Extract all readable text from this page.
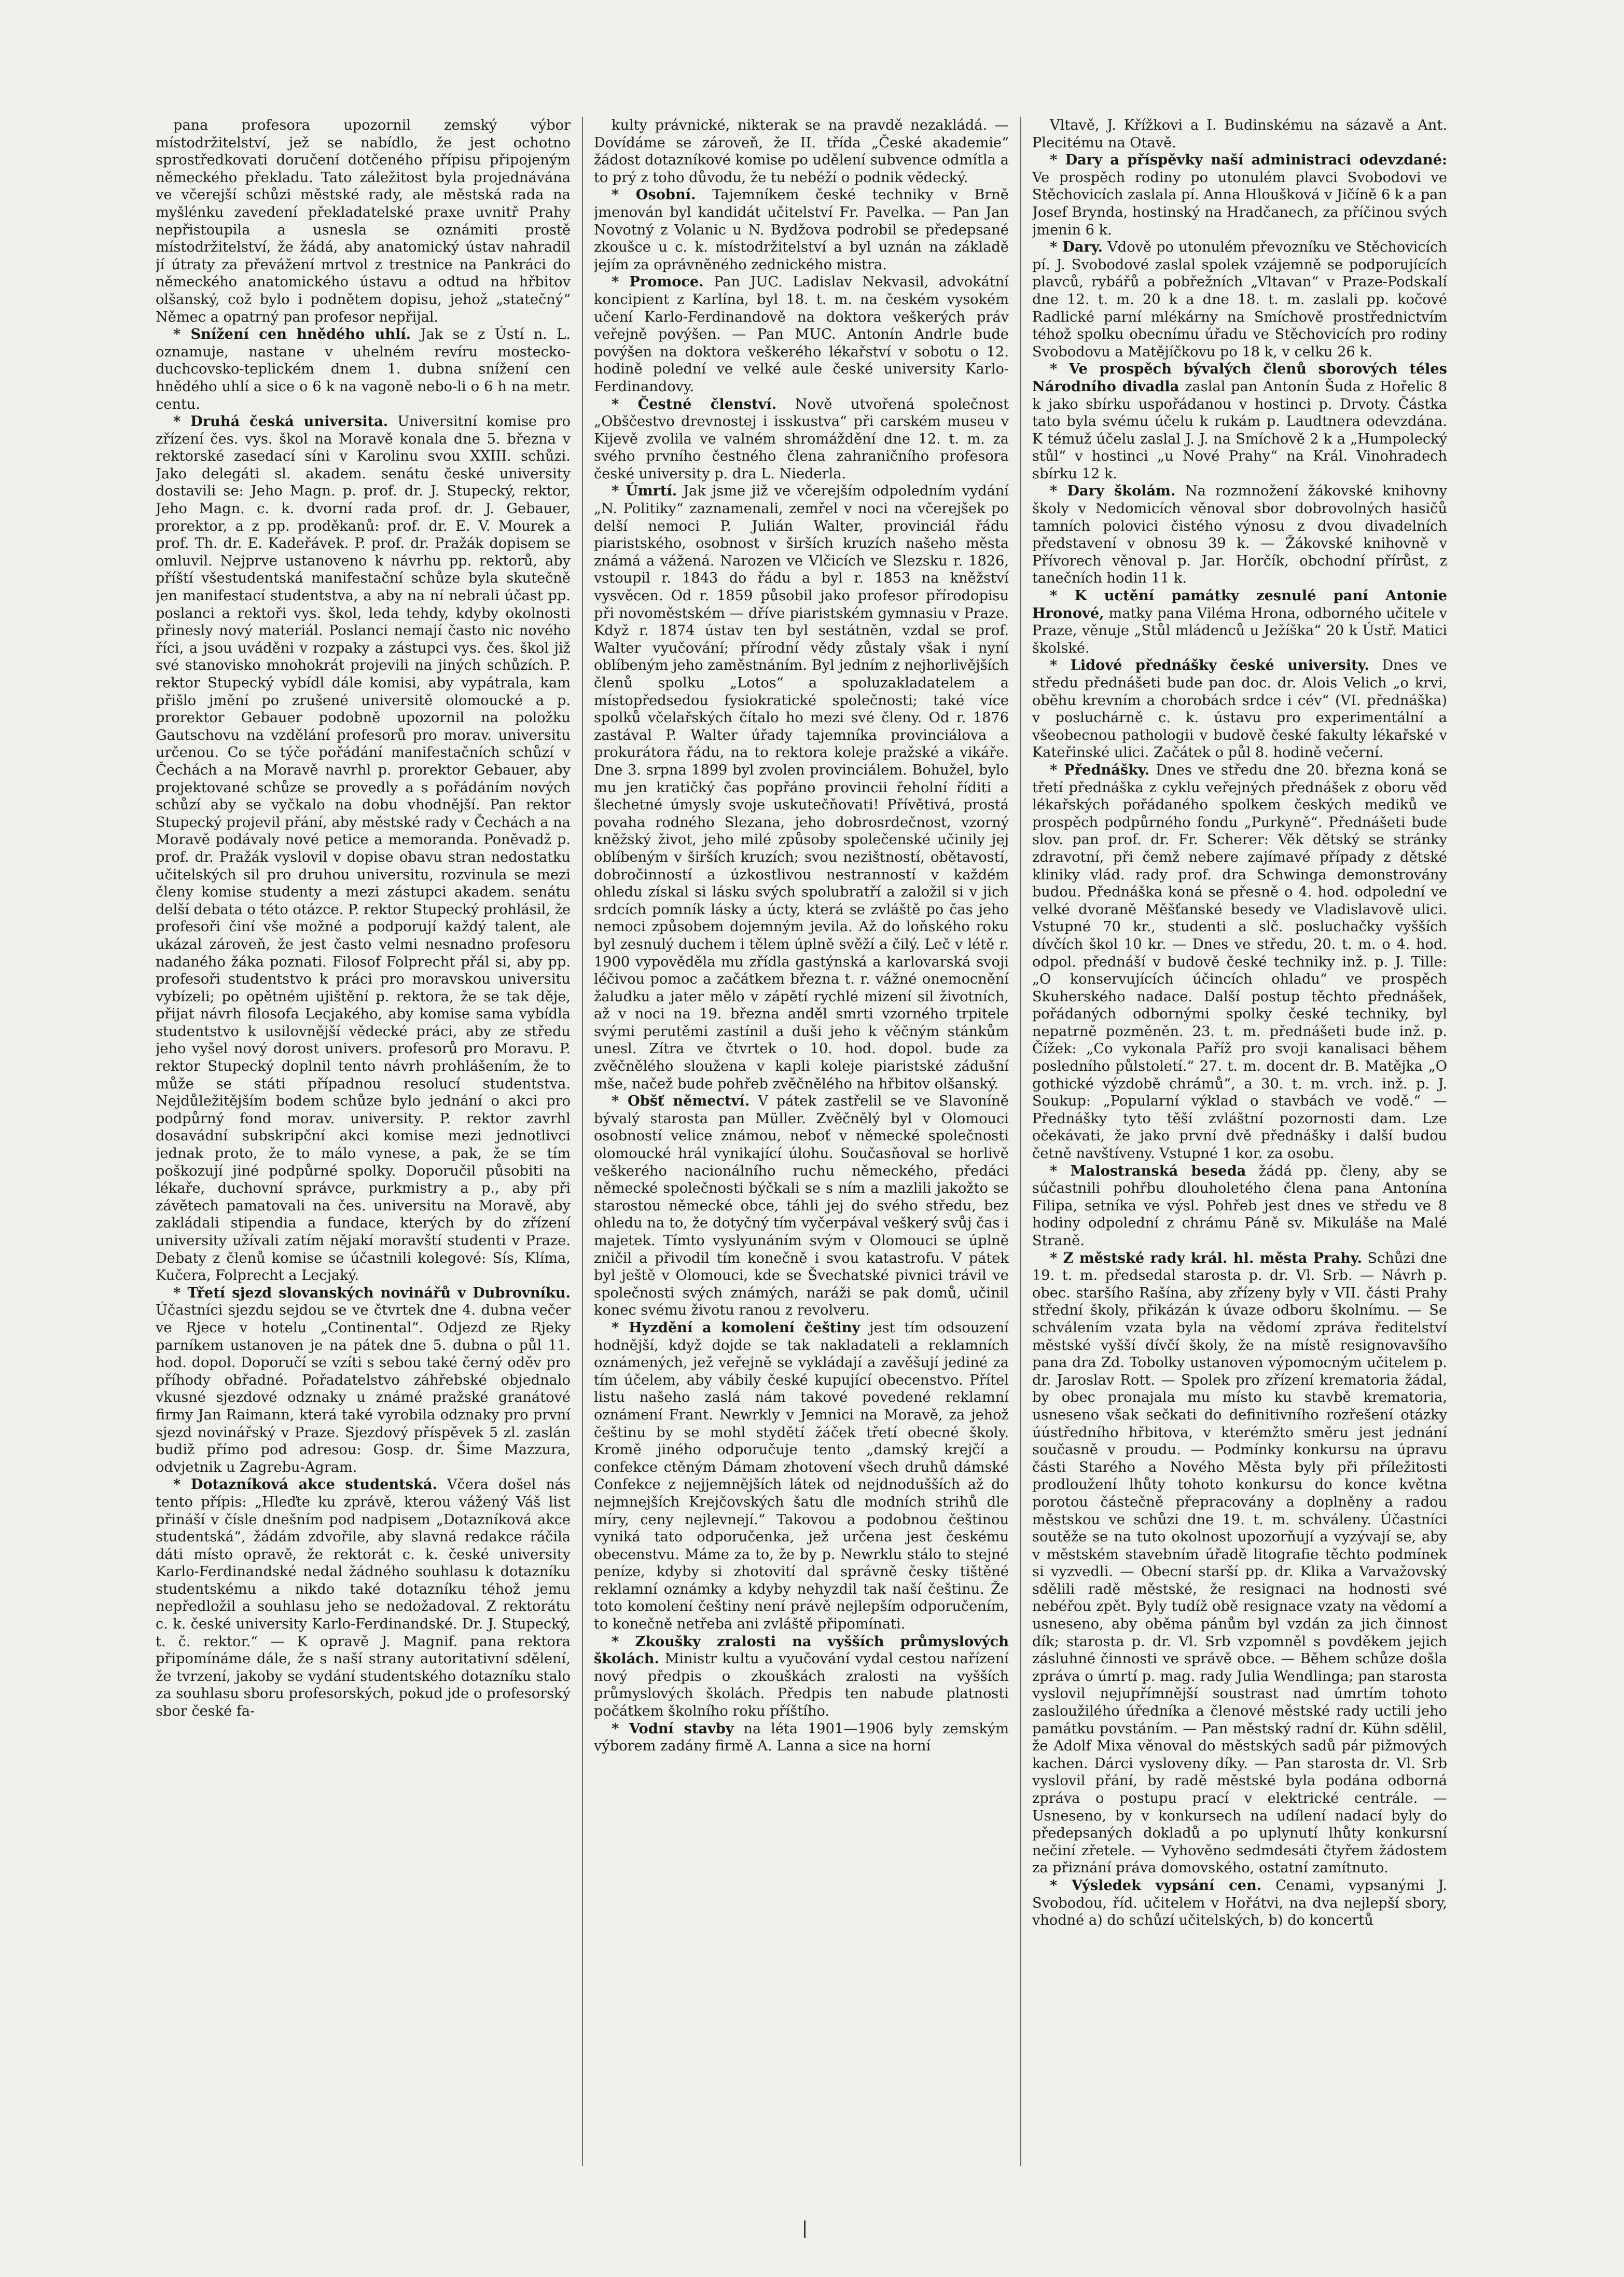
pana profesora upozornil zemský výbor místodržitelství, jež se nabídlo, že jest ochotno sprostředkovati doručení dotčeného přípisu připojeným německého překladu. Tato záležitost byla projednávána ve včerejší schůzi městské rady, ale městská rada na myšlénku zavedení překladatelské praxe uvnitř Prahy nepřistoupila a usnesla se oznámiti prostě místodržitelství, že žádá, aby anatomický ústav nahradil jí útraty za převážení mrtvol z trestnice na Pankráci do německého anatomického ústavu a odtud na hřbitov olšanský, což bylo i podnětem dopisu, jehož „statečný“ Němec a opatrný pan profesor nepřijal.

* Snížení cen hnědého uhlí. Jak se z Ústí n. L. oznamuje, nastane v uhelném revíru mostecko-duchcovsko-teplickém dnem 1. dubna snížení cen hnědého uhlí a sice o 6 k na vagoně nebo-li o 6 h na metr. centu.

* Druhá česká universita. Universitní komise pro zřízení čes. vys. škol na Moravě konala dne 5. března v rektorské zasedací síni v Karolinu svou XXIII. schůzi. Jako delegáti sl. akadem. senátu české university dostavili se: Jeho Magn. p. prof. dr. J. Stupecký, rektor, Jeho Magn. c. k. dvorní rada prof. dr. J. Gebauer, prorektor, a z pp. proděkanů: prof. dr. E. V. Mourek a prof. Th. dr. E. Kadeřávek. P. prof. dr. Pražák dopisem se omluvil. Nejprve ustanoveno k návrhu pp. rektorů, aby příští všestudentská manifestační schůze byla skutečně jen manifestací studentstva, a aby na ní nebrali účast pp. poslanci a rektoři vys. škol, leda tehdy, kdyby okolnosti přinesly nový materiál. Poslanci nemají často nic nového říci, a jsou uváděni v rozpaky a zástupci vys. čes. škol již své stanovisko mnohokrát projevili na jiných schůzích. P. rektor Stupecký vybídl dále komisi, aby vypátrala, kam přišlo jmění po zrušené universitě olomoucké a p. prorektor Gebauer podobně upozornil na položku Gautschovu na vzdělání profesorů pro morav. universitu určenou. Co se týče pořádání manifestačních schůzí v Čechách a na Moravě navrhl p. prorektor Gebauer, aby projektované schůze se provedly a s pořádáním nových schůzí aby se vyčkalo na dobu vhodnější. Pan rektor Stupecký projevil přání, aby městské rady v Čechách a na Moravě podávaly nové petice a memoranda. Poněvadž p. prof. dr. Pražák vyslovil v dopise obavu stran nedostatku učitelských sil pro druhou universitu, rozvinula se mezi členy komise studenty a mezi zástupci akadem. senátu delší debata o této otázce. P. rektor Stupecký prohlásil, že profesoři činí vše možné a podporují každý talent, ale ukázal zároveň, že jest často velmi nesnadno profesoru nadaného žáka poznati. Filosof Folprecht přál si, aby pp. profesoři studentstvo k práci pro moravskou universitu vybízeli; po opětném ujištění p. rektora, že se tak děje, přijat návrh filosofa Lecjakého, aby komise sama vybídla studentstvo k usilovnější vědecké práci, aby ze středu jeho vyšel nový dorost univers. profesorů pro Moravu. P. rektor Stupecký doplnil tento návrh prohlášením, že to může se státi případnou resolucí studentstva. Nejdůležitějším bodem schůze bylo jednání o akci pro podpůrný fond morav. university. P. rektor zavrhl dosavádní subskripční akci komise mezi jednotlivci jednak proto, že to málo vynese, a pak, že se tím poškozují jiné podpůrné spolky. Doporučil působiti na lékaře, duchovní správce, purkmistry a p., aby při závětech pamatovali na čes. universitu na Moravě, aby zakládali stipendia a fundace, kterých by do zřízení university užívali zatím nějakí moravští studenti v Praze. Debaty z členů komise se účastnili kolegové: Sís, Klíma, Kučera, Folprecht a Lecjaký.

* Třetí sjezd slovanských novinářů v Dubrovníku. Účastníci sjezdu sejdou se ve čtvrtek dne 4. dubna večer ve Rjece v hotelu „Continental“. Odjezd ze Rjeky parníkem ustanoven je na pátek dne 5. dubna o půl 11. hod. dopol. Doporučí se vzíti s sebou také černý oděv pro příhody obřadné. Pořadatelstvo záhřebské objednalo vkusné sjezdové odznaky u známé pražské granátové firmy Jan Raimann, která také vyrobila odznaky pro první sjezd novinářský v Praze. Sjezdový příspěvek 5 zl. zaslán budiž přímo pod adresou: Gosp. dr. Šime Mazzura, odvjetnik u Zagrebu-Agram.

* Dotazníková akce studentská. Včera došel nás tento přípis: „Hleďte ku zprávě, kterou vážený Váš list přináší v čísle dnešním pod nadpisem „Dotazníková akce studentská“, žádám zdvořile, aby slavná redakce ráčila dáti místo opravě, že rektorát c. k. české university Karlo-Ferdinandské nedal žádného souhlasu k dotazníku studentskému a nikdo také dotazníku téhož jemu nepředložil a souhlasu jeho se nedožadoval. Z rektorátu c. k. české university Karlo-Ferdinandské. Dr. J. Stupecký, t. č. rektor.“ — K opravě J. Magnif. pana rektora připomínáme dále, že s naší strany autoritativní sdělení, že tvrzení, jakoby se vydání studentského dotazníku stalo za souhlasu sboru profesorských, pokud jde o profesorský sbor české fa-

kulty právnické, nikterak se na pravdě nezakládá. — Dovídáme se zároveň, že II. třída „České akademie“ žádost dotazníkové komise po udělení subvence odmítla a to prý z toho důvodu, že tu nebéží o podnik vědecký.

* Osobní. Tajemníkem české techniky v Brně jmenován byl kandidát učitelství Fr. Pavelka. — Pan Jan Novotný z Volanic u N. Bydžova podrobil se předepsané zkoušce u c. k. místodržitelství a byl uznán na základě jejím za oprávněného zednického mistra.

* Promoce. Pan JUC. Ladislav Nekvasil, advokátní koncipient z Karlína, byl 18. t. m. na českém vysokém učení Karlo-Ferdinandově na doktora veškerých práv veřejně povýšen. — Pan MUC. Antonín Andrle bude povýšen na doktora veškerého lékařství v sobotu o 12. hodině polední ve velké aule české university Karlo-Ferdinandovy.

* Čestné členství. Nově utvořená společnost „Obščestvo drevnostej i isskustva“ při carském museu v Kijevě zvolila ve valném shromáždění dne 12. t. m. za svého prvního čestného člena zahraničního profesora české university p. dra L. Niederla.

* Úmrtí. Jak jsme již ve včerejším odpoledním vydání „N. Politiky“ zaznamenali, zemřel v noci na včerejšek po delší nemoci P. Julián Walter, provinciál řádu piaristského, osobnost v širších kruzích našeho města známá a vážená. Narozen ve Vlčicích ve Slezsku r. 1826, vstoupil r. 1843 do řádu a byl r. 1853 na kněžství vysvěcen. Od r. 1859 působil jako profesor přírodopisu při novoměstském — dříve piaristském gymnasiu v Praze. Když r. 1874 ústav ten byl sestátněn, vzdal se prof. Walter vyučování; přírodní vědy zůstaly však i nyní oblíbeným jeho zaměstnáním. Byl jedním z nejhorlivějších členů spolku „Lotos“ a spoluzakladatelem a místopředsedou fysiokratické společnosti; také více spolků včelařských čítalo ho mezi své členy. Od r. 1876 zastával P. Walter úřady tajemníka provinciálova a prokurátora řádu, na to rektora koleje pražské a vikáře. Dne 3. srpna 1899 byl zvolen provinciálem. Bohužel, bylo mu jen kratičký čas popřáno provincii řeholní říditi a šlechetné úmysly svoje uskutečňovati! Přívětivá, prostá povaha rodného Slezana, jeho dobrosrdečnost, vzorný kněžský život, jeho milé způsoby společenské učinily jej oblíbeným v širších kruzích; svou nezištností, obětavostí, dobročinností a úzkostlivou nestranností v každém ohledu získal si lásku svých spolubratří a založil si v jich srdcích pomník lásky a úcty, která se zvláště po čas jeho nemoci způsobem dojemným jevila. Až do loňského roku byl zesnulý duchem i tělem úplně svěží a čilý. Leč v létě r. 1900 vypověděla mu zřídla gastýnská a karlovarská svoji léčivou pomoc a začátkem března t. r. vážné onemocnění žaludku a jater mělo v zápětí rychlé mizení sil životních, až v noci na 19. března anděl smrti vzorného trpitele svými perutěmi zastínil a duši jeho k věčným stánkům unesl. Zítra ve čtvrtek o 10. hod. dopol. bude za zvěčnělého sloužena v kapli koleje piaristské zádušní mše, načež bude pohřeb zvěčnělého na hřbitov olšanský.

* Obšť němectví. V pátek zastřelil se ve Slavoníně bývalý starosta pan Müller. Zvěčnělý byl v Olomouci osobností velice známou, neboť v německé společnosti olomoucké hrál vynikající úlohu. Současňoval se horlivě veškerého nacionálního ruchu německého, předáci německé společnosti býčkali se s ním a mazlili jakožto se starostou německé obce, táhli jej do svého středu, bez ohledu na to, že dotyčný tím vyčerpával veškerý svůj čas i majetek. Tímto vyslyunáním svým v Olomouci se úplně zničil a přivodil tím konečně i svou katastrofu. V pátek byl ještě v Olomouci, kde se Švechatské pivnici trávil ve společnosti svých známých, naráži se pak domů, učinil konec svému životu ranou z revolveru.

* Hyzdění a komolení češtiny jest tím odsouzení hodnější, když dojde se tak nakladateli a reklamních oznámených, jež veřejně se vykládají a zavěšují jediné za tím účelem, aby vábily české kupující obecenstvo. Přítel listu našeho zaslá nám takové povedené reklamní oznámení Frant. Newrkly v Jemnici na Moravě, za jehož češtinu by se mohl stydětí žáček třetí obecné školy. Kromě jiného odporučuje tento „damský krejčí a confekce ctěným Dámam zhotovení všech druhů dámské Confekce z nejjemnějších látek od nejdnodušších až do nejmnejších Krejčovských šatu dle modních strihů dle míry, ceny nejlevnejí.“ Takovou a podobnou češtinou vyniká tato odporučenka, jež určena jest českému obecenstvu. Máme za to, že by p. Newrklu stálo to stejné peníze, kdyby si zhotovití dal správně česky tištěné reklamní oznámky a kdyby nehyzdil tak naší češtinu. Že toto komolení češtiny není právě nejlepším odporučením, to konečně netřeba ani zvláště připomínati.

* Zkoušky zralosti na vyšších průmyslových školách. Ministr kultu a vyučování vydal cestou nařízení nový předpis o zkouškách zralosti na vyšších průmyslových školách. Předpis ten nabude platnosti počátkem školního roku příštího.

* Vodní stavby na léta 1901—1906 byly zemským výborem zadány firmě A. Lanna a sice na horní

Vltavě, J. Křížkovi a I. Budinskému na sázavě a Ant. Plecitému na Otavě.

* Dary a příspěvky naší administraci odevzdané: Ve prospěch rodiny po utonulém plavci Svobodovi ve Stěchovicích zaslala pí. Anna Hloušková v Jičíně 6 k a pan Josef Brynda, hostinský na Hradčanech, za příčinou svých jmenin 6 k.

* Dary. Vdově po utonulém převozníku ve Stěchovicích pí. J. Svobodové zaslal spolek vzájemně se podporujících plavců, rybářů a pobřežních „Vltavan“ v Praze-Podskalí dne 12. t. m. 20 k a dne 18. t. m. zaslali pp. kočové Radlické parní mlékárny na Smíchově prostřednictvím téhož spolku obecnímu úřadu ve Stěchovicích pro rodiny Svobodovu a Matějíčkovu po 18 k, v celku 26 k.

* Ve prospěch bývalých členů sborových téles Národního divadla zaslal pan Antonín Šuda z Hořelic 8 k jako sbírku uspořádanou v hostinci p. Drvoty. Částka tato byla svému účelu k rukám p. Laudtnera odevzdána. K témuž účelu zaslal J. J. na Smíchově 2 k a „Humpolecký stůl“ v hostinci „u Nové Prahy“ na Král. Vinohradech sbírku 12 k.

* Dary školám. Na rozmnožení žákovské knihovny školy v Nedomicích věnoval sbor dobrovolných hasičů tamních polovici čistého výnosu z dvou divadelních představení v obnosu 39 k. — Žákovské knihovně v Přívorech věnoval p. Jar. Horčík, obchodní přírůst, z tanečních hodin 11 k.

* K uctění památky zesnulé paní Antonie Hronové, matky pana Viléma Hrona, odborného učitele v Praze, věnuje „Stůl mládenců u Ježíška“ 20 k Ústř. Matici školské.

* Lidové přednášky české university. Dnes ve středu přednášeti bude pan doc. dr. Alois Velich „o krvi, oběhu krevním a chorobách srdce i cév“ (VI. přednáška) v posluchárně c. k. ústavu pro experimentální a všeobecnou pathologii v budově české fakulty lékařské v Kateřinské ulici. Začátek o půl 8. hodině večerní.

* Přednášky. Dnes ve středu dne 20. března koná se třetí přednáška z cyklu veřejných přednášek z oboru věd lékařských pořádaného spolkem českých mediků ve prospěch podpůrného fondu „Purkyně“. Přednášeti bude slov. pan prof. dr. Fr. Scherer: Věk dětský se stránky zdravotní, při čemž nebere zajímavé případy z dětské kliniky vlád. rady prof. dra Schwinga demonstrovány budou. Přednáška koná se přesně o 4. hod. odpolední ve velké dvoraně Měšťanské besedy ve Vladislavově ulici. Vstupné 70 kr., studenti a slč. posluchačky vyšších dívčích škol 10 kr. — Dnes ve středu, 20. t. m. o 4. hod. odpol. přednáší v budově české techniky inž. p. J. Tille: „O konservujících účincích ohladu“ ve prospěch Skuherského nadace. Další postup těchto přednášek, pořádaných odbornými spolky české techniky, byl nepatrně pozměněn. 23. t. m. přednášeti bude inž. p. Čížek: „Co vykonala Paříž pro svoji kanalisaci během posledního půlstoletí.“ 27. t. m. docent dr. B. Matějka „O gothické výzdobě chrámů“, a 30. t. m. vrch. inž. p. J. Soukup: „Popularní výklad o stavbách ve vodě.“ — Přednášky tyto těší zvláštní pozornosti dam. Lze očekávati, že jako první dvě přednášky i další budou četně navštíveny. Vstupné 1 kor. za osobu.

* Malostranská beseda žádá pp. členy, aby se súčastnili pohřbu dlouholetého člena pana Antonína Filipa, setníka ve výsl. Pohřeb jest dnes ve středu ve 8 hodiny odpolední z chrámu Páně sv. Mikuláše na Malé Straně.

* Z městské rady král. hl. města Prahy. Schůzi dne 19. t. m. předsedal starosta p. dr. Vl. Srb. — Návrh p. obec. staršího Rašína, aby zřízeny byly v VII. části Prahy střední školy, přikázán k úvaze odboru školnímu. — Se schválením vzata byla na vědomí zpráva ředitelství městské vyšší dívčí školy, že na místě resignovavšího pana dra Zd. Tobolky ustanoven výpomocným učitelem p. dr. Jaroslav Rott. — Spolek pro zřízení krematoria žádal, by obec pronajala mu místo ku stavbě krematoria, usneseno však sečkati do definitivního rozřešení otázky úústředního hřbitova, v kterémžto směru jest jednání současně v proudu. — Podmínky konkursu na úpravu části Starého a Nového Města byly při příležitosti prodloužení lhůty tohoto konkursu do konce května porotou částečně přepracovány a doplněny a radou městskou ve schůzi dne 19. t. m. schváleny. Účastníci soutěže se na tuto okolnost upozorňují a vyzývají se, aby v městském stavebním úřadě litografie těchto podmínek si vyzvedli. — Obecní starší pp. dr. Klika a Varvažovský sdělili radě městské, že resignaci na hodnosti své nebéřou zpět. Byly tudíž obě resignace vzaty na vědomí a usneseno, aby oběma pánům byl vzdán za jich činnost dík; starosta p. dr. Vl. Srb vzpomněl s povděkem jejich zásluhné činnosti ve správě obce. — Během schůze došla zpráva o úmrtí p. mag. rady Julia Wendlinga; pan starosta vyslovil nejupřímnější soustrast nad úmrtím tohoto zasloužilého úředníka a členové městské rady uctili jeho památku povstáním. — Pan městský radní dr. Kühn sdělil, že Adolf Mixa věnoval do městských sadů pár pižmových kachen. Dárci vysloveny díky. — Pan starosta dr. Vl. Srb vyslovil přání, by radě městské byla podána odborná zpráva o postupu prací v elektrické centrále. — Usneseno, by v konkursech na udílení nadací byly do předepsaných dokladů a po uplynutí lhůty konkursní nečiní zřetele. — Vyhověno sedmdesáti čtyřem žádostem za přiznání práva domovského, ostatní zamítnuto.

* Výsledek vypsání cen. Cenami, vypsanými J. Svobodou, říd. učitelem v Hořátvi, na dva nejlepší sbory, vhodné a) do schůzí učitelských, b) do koncertů
